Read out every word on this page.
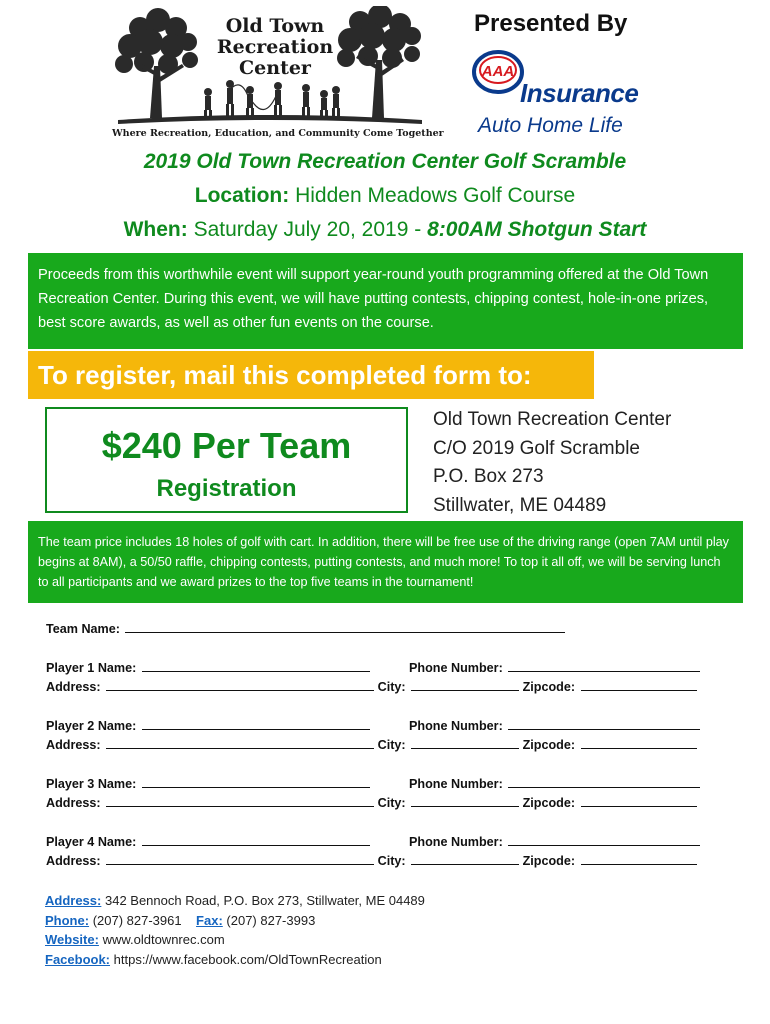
Old Town
Recreation
Center
Where Recreation, Education, and Community Come Together
Presented By
AAA
Insurance
Auto Home Life
2019 Old Town Recreation Center Golf Scramble
Location: Hidden Meadows Golf Course
When: Saturday July 20, 2019 - 8:00AM Shotgun Start
Proceeds from this worthwhile event will support year-round youth programming offered at the Old Town Recreation Center. During this event, we will have putting contests, chipping contest, hole-in-one prizes, best score awards, as well as other fun events on the course.
To register, mail this completed form to:
$240 Per Team
Registration
Old Town Recreation Center
C/O 2019 Golf Scramble
P.O. Box 273
Stillwater, ME 04489
The team price includes 18 holes of golf with cart. In addition, there will be free use of the driving range (open 7AM until play begins at 8AM), a 50/50 raffle, chipping contests, putting contests, and much more! To top it all off, we will be serving lunch to all participants and we award prizes to the top five teams in the tournament!
Team Name:
Player 1 Name:	Phone Number:
Address:	City:	Zipcode:
Player 2 Name:	Phone Number:
Address:	City:	Zipcode:
Player 3 Name:	Phone Number:
Address:	City:	Zipcode:
Player 4 Name:	Phone Number:
Address:	City:	Zipcode:
Address: 342 Bennoch Road, P.O. Box 273, Stillwater, ME 04489
Phone: (207) 827-3961 Fax: (207) 827-3993
Website: www.oldtownrec.com
Facebook: https://www.facebook.com/OldTownRecreation
